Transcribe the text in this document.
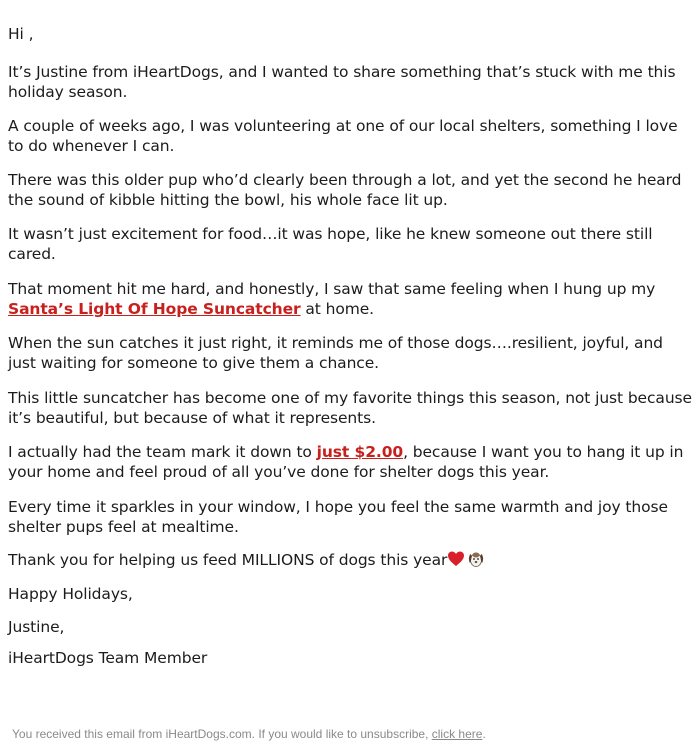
Hi ,

It’s Justine from iHeartDogs, and I wanted to share something that’s stuck with me this holiday season.

A couple of weeks ago, I was volunteering at one of our local shelters, something I love to do whenever I can.

There was this older pup who’d clearly been through a lot, and yet the second he heard the sound of kibble hitting the bowl, his whole face lit up.

It wasn’t just excitement for food…it was hope, like he knew someone out there still cared.

That moment hit me hard, and honestly, I saw that same feeling when I hung up my Santa’s Light Of Hope Suncatcher at home.

When the sun catches it just right, it reminds me of those dogs….resilient, joyful, and just waiting for someone to give them a chance.

This little suncatcher has become one of my favorite things this season, not just because it’s beautiful, but because of what it represents.

I actually had the team mark it down to just $2.00, because I want you to hang it up in your home and feel proud of all you’ve done for shelter dogs this year.

Every time it sparkles in your window, I hope you feel the same warmth and joy those shelter pups feel at mealtime.

Thank you for helping us feed MILLIONS of dogs this year

Happy Holidays,

Justine,

iHeartDogs Team Member

You received this email from iHeartDogs.com. If you would like to unsubscribe, click here.
